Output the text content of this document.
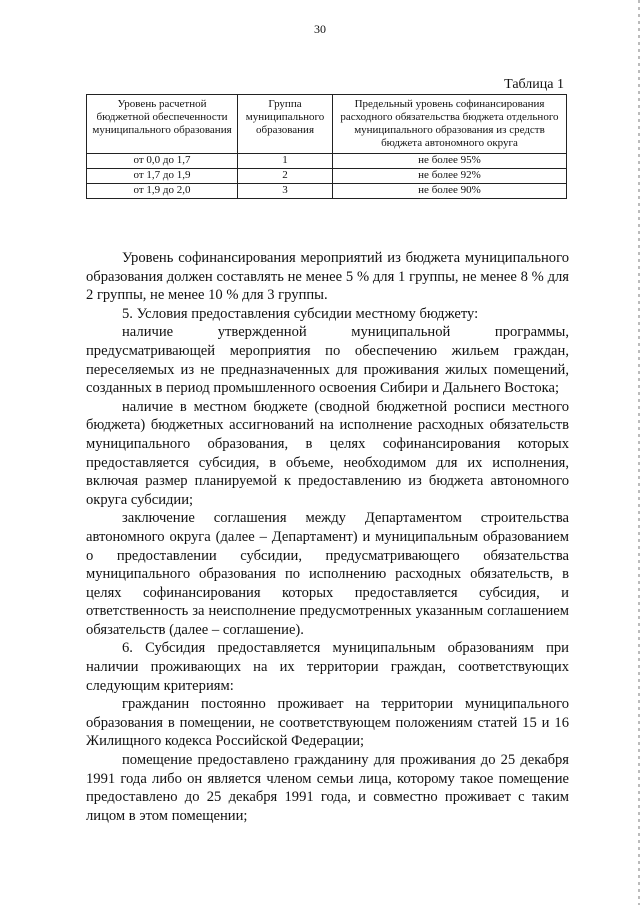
30
Таблица 1
Уровень расчетной бюджетной обеспеченности муниципального образования	Группа муниципального образования	Предельный уровень софинансирования расходного обязательства бюджета отдельного муниципального образования из средств бюджета автономного округа
от 0,0 до 1,7	1	не более 95%
от 1,7 до 1,9	2	не более 92%
от 1,9 до 2,0	3	не более 90%

Уровень софинансирования мероприятий из бюджета муниципального образования должен составлять не менее 5 % для 1 группы, не менее 8 % для 2 группы, не менее 10 % для 3 группы.

5. Условия предоставления субсидии местному бюджету:

наличие утвержденной муниципальной программы, предусматривающей мероприятия по обеспечению жильем граждан, переселяемых из не предназначенных для проживания жилых помещений, созданных в период промышленного освоения Сибири и Дальнего Востока;

наличие в местном бюджете (сводной бюджетной росписи местного бюджета) бюджетных ассигнований на исполнение расходных обязательств муниципального образования, в целях софинансирования которых предоставляется субсидия, в объеме, необходимом для их исполнения, включая размер планируемой к предоставлению из бюджета автономного округа субсидии;

заключение соглашения между Департаментом строительства автономного округа (далее – Департамент) и муниципальным образованием о предоставлении субсидии, предусматривающего обязательства муниципального образования по исполнению расходных обязательств, в целях софинансирования которых предоставляется субсидия, и ответственность за неисполнение предусмотренных указанным соглашением обязательств (далее – соглашение).

6. Субсидия предоставляется муниципальным образованиям при наличии проживающих на их территории граждан, соответствующих следующим критериям:

гражданин постоянно проживает на территории муниципального образования в помещении, не соответствующем положениям статей 15 и 16 Жилищного кодекса Российской Федерации;

помещение предоставлено гражданину для проживания до 25 декабря 1991 года либо он является членом семьи лица, которому такое помещение предоставлено до 25 декабря 1991 года, и совместно проживает с таким лицом в этом помещении;
